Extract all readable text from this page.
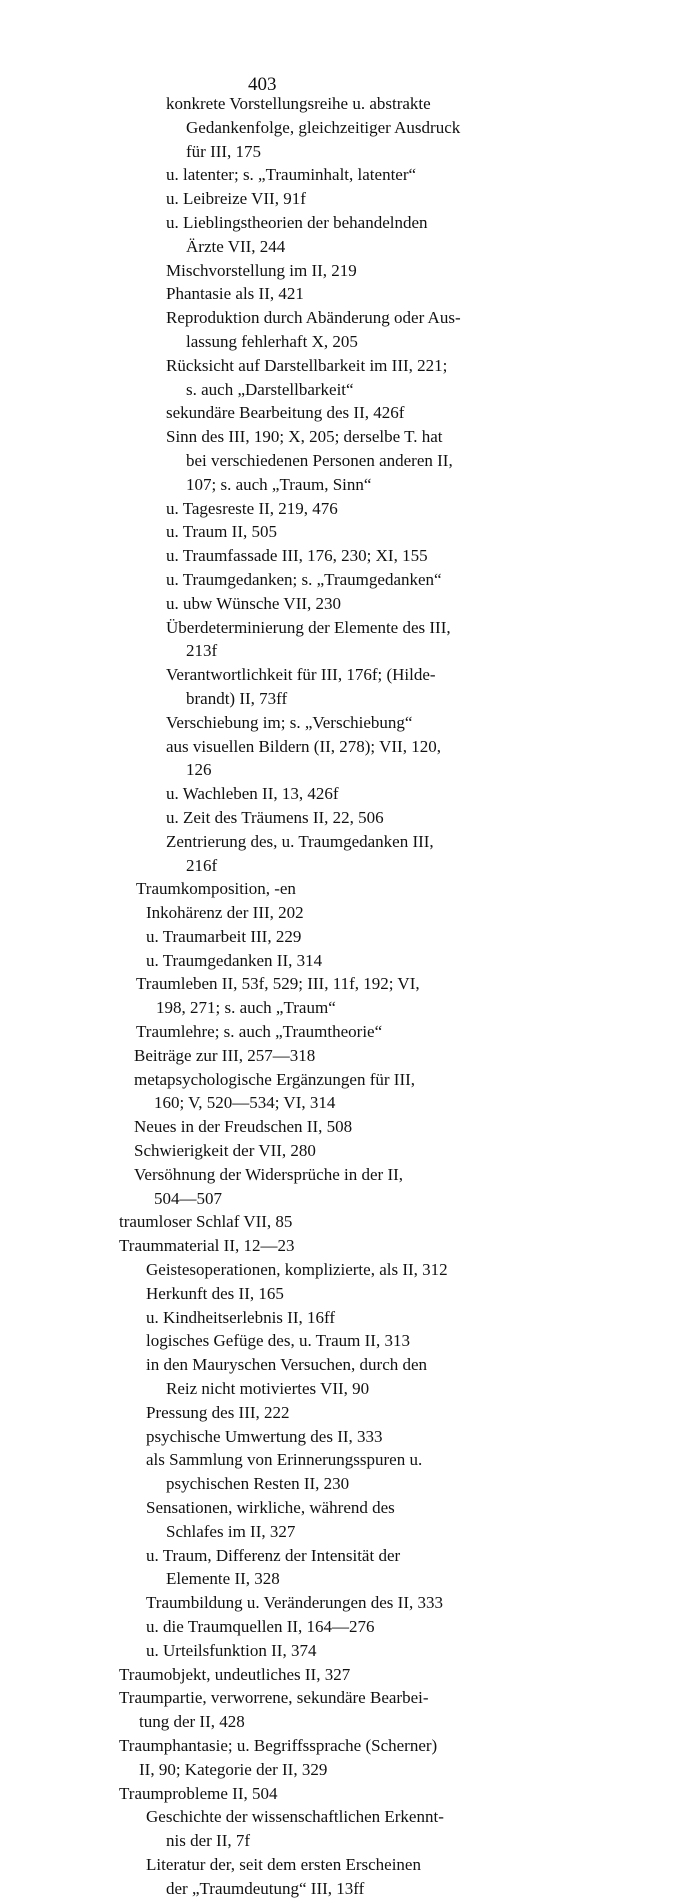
403
konkrete Vorstellungsreihe u. abstrakte
Gedankenfolge, gleichzeitiger Ausdruck
für III, 175
u. latenter; s. „Trauminhalt, latenter“
u. Leibreize VII, 91f
u. Lieblingstheorien der behandelnden
Ärzte VII, 244
Mischvorstellung im II, 219
Phantasie als II, 421
Reproduktion durch Abänderung oder Aus-
lassung fehlerhaft X, 205
Rücksicht auf Darstellbarkeit im III, 221;
s. auch „Darstellbarkeit“
sekundäre Bearbeitung des II, 426f
Sinn des III, 190; X, 205; derselbe T. hat
bei verschiedenen Personen anderen II,
107; s. auch „Traum, Sinn“
u. Tagesreste II, 219, 476
u. Traum II, 505
u. Traumfassade III, 176, 230; XI, 155
u. Traumgedanken; s. „Traumgedanken“
u. ubw Wünsche VII, 230
Überdeterminierung der Elemente des III,
213f
Verantwortlichkeit für III, 176f; (Hilde-
brandt) II, 73ff
Verschiebung im; s. „Verschiebung“
aus visuellen Bildern (II, 278); VII, 120,
126
u. Wachleben II, 13, 426f
u. Zeit des Träumens II, 22, 506
Zentrierung des, u. Traumgedanken III,
216f
Traumkomposition, -en
Inkohärenz der III, 202
u. Traumarbeit III, 229
u. Traumgedanken II, 314
Traumleben II, 53f, 529; III, 11f, 192; VI,
198, 271; s. auch „Traum“
Traumlehre; s. auch „Traumtheorie“
Beiträge zur III, 257—318
metapsychologische Ergänzungen für III,
160; V, 520—534; VI, 314
Neues in der Freudschen II, 508
Schwierigkeit der VII, 280
Versöhnung der Widersprüche in der II,
504—507
traumloser Schlaf VII, 85
Traummaterial II, 12—23
Geistesoperationen, komplizierte, als II, 312
Herkunft des II, 165
u. Kindheitserlebnis II, 16ff
logisches Gefüge des, u. Traum II, 313
in den Mauryschen Versuchen, durch den
Reiz nicht motiviertes VII, 90
Pressung des III, 222
psychische Umwertung des II, 333
als Sammlung von Erinnerungsspuren u.
psychischen Resten II, 230
Sensationen, wirkliche, während des
Schlafes im II, 327
u. Traum, Differenz der Intensität der
Elemente II, 328
Traumbildung u. Veränderungen des II, 333
u. die Traumquellen II, 164—276
u. Urteilsfunktion II, 374
Traumobjekt, undeutliches II, 327
Traumpartie, verworrene, sekundäre Bearbei-
tung der II, 428
Traumphantasie; u. Begriffssprache (Scherner)
II, 90; Kategorie der II, 329
Traumprobleme II, 504
Geschichte der wissenschaftlichen Erkennt-
nis der II, 7f
Literatur der, seit dem ersten Erscheinen
der „Traumdeutung“ III, 13ff
